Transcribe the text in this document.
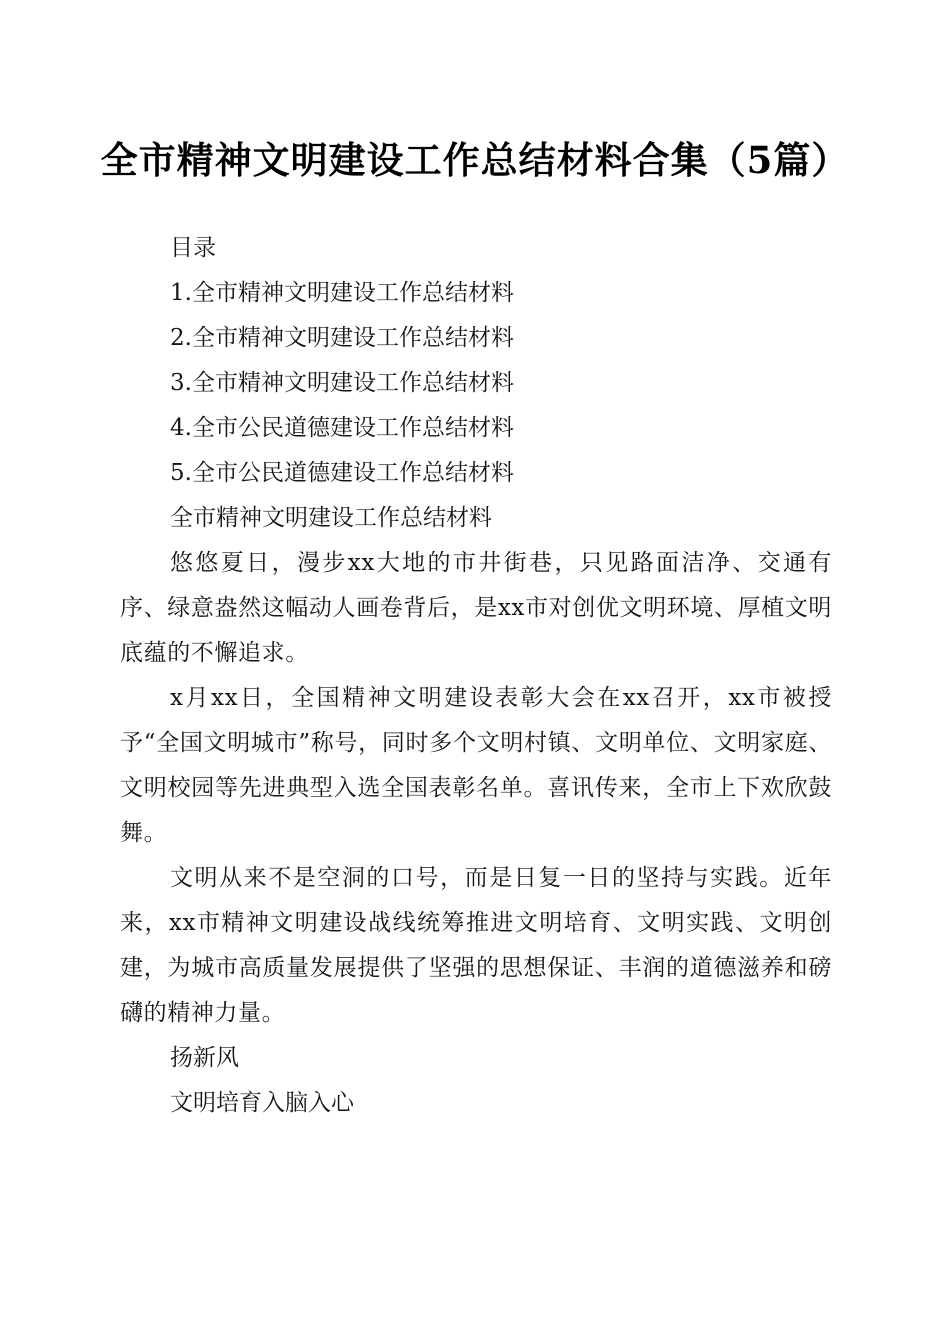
全市精神文明建设工作总结材料合集（5篇）

目录

1.全市精神文明建设工作总结材料

2.全市精神文明建设工作总结材料

3.全市精神文明建设工作总结材料

4.全市公民道德建设工作总结材料

5.全市公民道德建设工作总结材料

全市精神文明建设工作总结材料

悠悠夏日，漫步xx大地的市井街巷，只见路面洁净、交通有序、绿意盎然这幅动人画卷背后，是xx市对创优文明环境、厚植文明底蕴的不懈追求。

x月xx日，全国精神文明建设表彰大会在xx召开，xx市被授予“全国文明城市”称号，同时多个文明村镇、文明单位、文明家庭、文明校园等先进典型入选全国表彰名单。喜讯传来，全市上下欢欣鼓舞。

文明从来不是空洞的口号，而是日复一日的坚持与实践。近年来，xx市精神文明建设战线统筹推进文明培育、文明实践、文明创建，为城市高质量发展提供了坚强的思想保证、丰润的道德滋养和磅礴的精神力量。

扬新风

文明培育入脑入心
